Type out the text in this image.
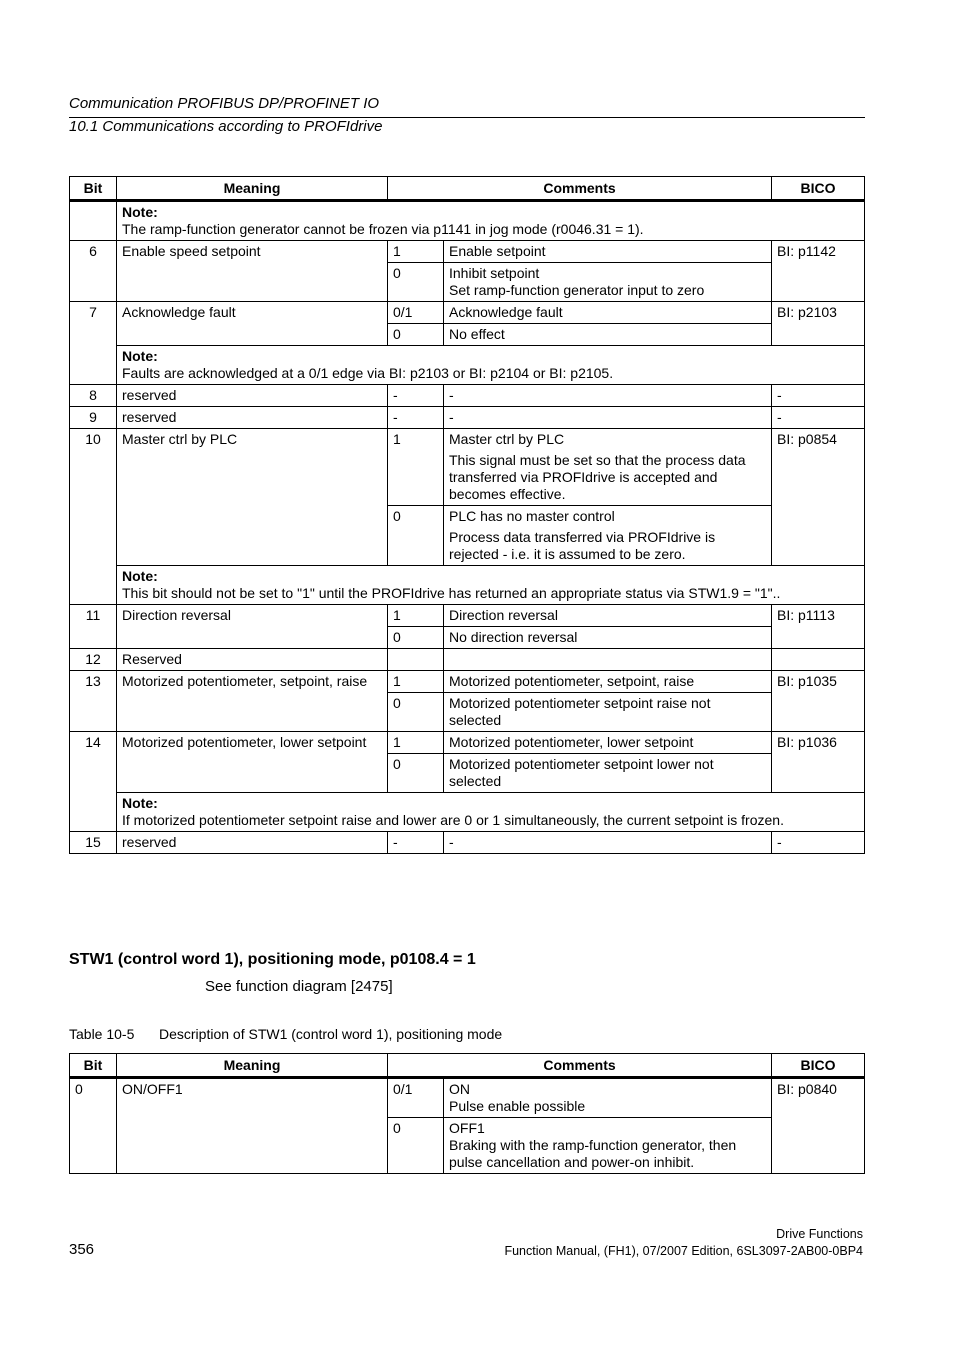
Communication PROFIBUS DP/PROFINET IO
10.1 Communications according to PROFIdrive
Bit	Meaning	Comments		BICO

	Note:
The ramp-function generator cannot be frozen via p1141 in jog mode (r0046.31 = 1).			
6	Enable speed setpoint	1	Enable setpoint	BI: p1142
		0	Inhibit setpoint
Set ramp-function generator input to zero	

7	Acknowledge fault	0/1	Acknowledge fault	BI: p2103
		0	No effect	

	Note:
Faults are acknowledged at a 0/1 edge via BI: p2103 or BI: p2104 or BI: p2105.			
8	reserved	-	-	-
9	reserved	-	-	-
10	Master ctrl by PLC	1	Master ctrl by PLC
This signal must be set so that the process data transferred via PROFIdrive is accepted and becomes effective.	BI: p0854
		0	PLC has no master control
Process data transferred via PROFIdrive is rejected - i.e. it is assumed to be zero.	

	Note:
This bit should not be set to "1" until the PROFIdrive has returned an appropriate status via STW1.9 = "1"..			
11	Direction reversal	1	Direction reversal	BI: p1113
		0	No direction reversal	
12	Reserved			
13	Motorized potentiometer, setpoint, raise	1	Motorized potentiometer, setpoint, raise	BI: p1035
		0	Motorized potentiometer setpoint raise not selected	
14	Motorized potentiometer, lower setpoint	1	Motorized potentiometer, lower setpoint	BI: p1036
		0	Motorized potentiometer setpoint lower not selected	

	Note:
If motorized potentiometer setpoint raise and lower are 0 or 1 simultaneously, the current setpoint is frozen.			
15	reserved	-	-	-
STW1 (control word 1), positioning mode, p0108.4 = 1
See function diagram [2475]
Table 10-5 Description of STW1 (control word 1), positioning mode
Bit	Meaning	Comments		BICO
0	ON/OFF1	0/1	ON
Pulse enable possible	BI: p0840
		0	OFF1
Braking with the ramp-function generator, then pulse cancellation and power-on inhibit.	
356
Drive Functions
Function Manual, (FH1), 07/2007 Edition, 6SL3097-2AB00-0BP4
